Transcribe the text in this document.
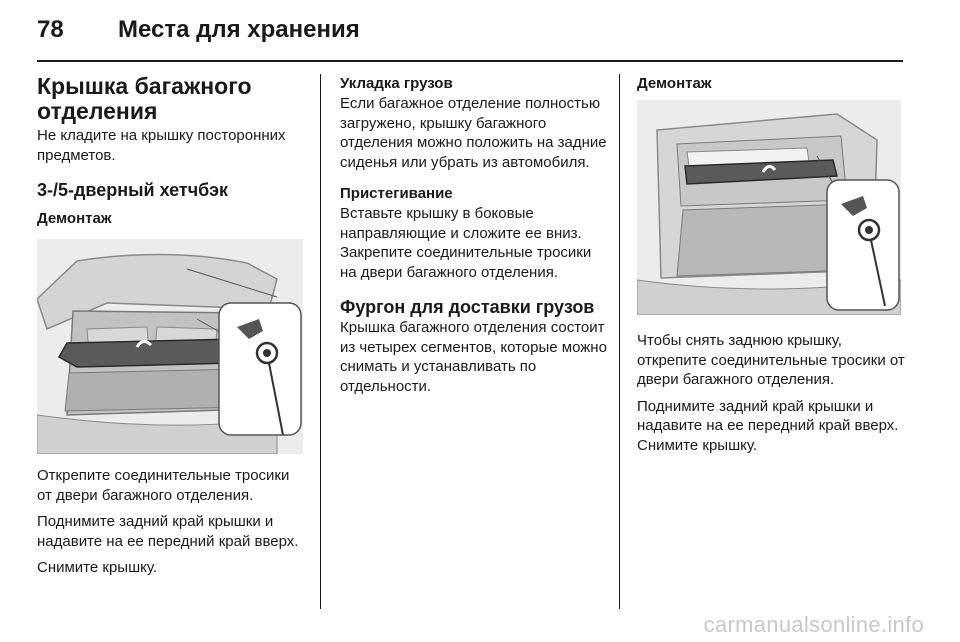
78 Места для хранения
Крышка багажного отделения

Не кладите на крышку посторонних предметов.

3-/5-дверный хетчбэк
Демонтаж

Открепите соединительные тросики от двери багажного отделения.

Поднимите задний край крышки и надавите на ее передний край вверх.

Снимите крышку.

Укладка грузов

Если багажное отделение полностью загружено, крышку багажного отделения можно положить на задние сиденья или убрать из автомобиля.

Пристегивание

Вставьте крышку в боковые направляющие и сложите ее вниз. Закрепите соединительные тросики на двери багажного отделения.

Фургон для доставки грузов

Крышка багажного отделения состоит из четырех сегментов, которые можно снимать и устанавливать по отдельности.

Демонтаж

Чтобы снять заднюю крышку, открепите соединительные тросики от двери багажного отделения.

Поднимите задний край крышки и надавите на ее передний край вверх. Снимите крышку.

carmanualsonline.info
